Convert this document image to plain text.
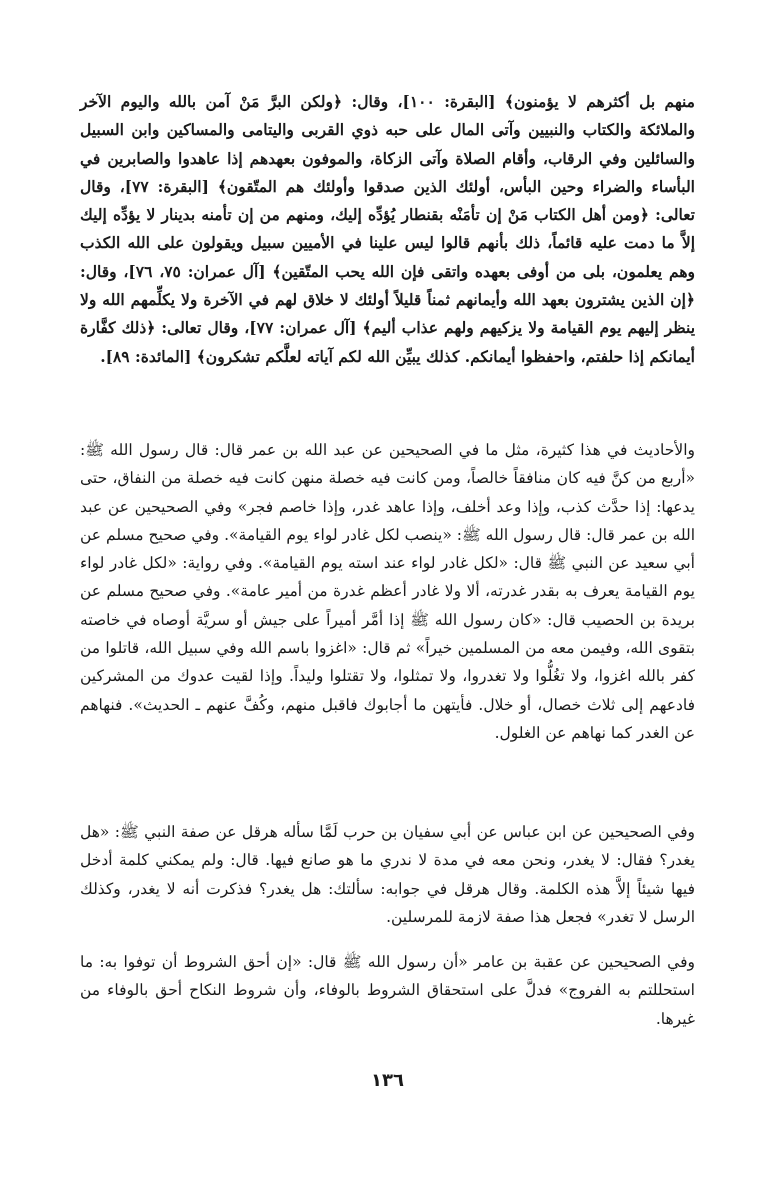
منهم بل أكثرهم لا يؤمنون﴾ [البقرة: ١٠٠]، وقال: ﴿ولكن البرَّ مَنْ آمن بالله واليوم الآخر والملائكة والكتاب والنبيين وآتى المال على حبه ذوي القربى واليتامى والمساكين وابن السبيل والسائلين وفي الرقاب، وأقام الصلاة وآتى الزكاة، والموفون بعهدهم إذا عاهدوا والصابرين في البأساء والضراء وحين البأس، أولئك الذين صدقوا وأولئك هم المتّقون﴾ [البقرة: ٧٧]، وقال تعالى: ﴿ومن أهل الكتاب مَنْ إن تأمَنْه بقنطار يُؤدِّه إليك، ومنهم من إن تأمنه بدينار لا يؤدِّه إليك إلاَّ ما دمت عليه قائماً، ذلك بأنهم قالوا ليس علينا في الأميين سبيل ويقولون على الله الكذب وهم يعلمون، بلى من أوفى بعهده واتقى فإن الله يحب المتّقين﴾ [آل عمران: ٧٥، ٧٦]، وقال: ﴿إن الذين يشترون بعهد الله وأيمانهم ثمناً قليلاً أولئك لا خلاق لهم في الآخرة ولا يكلِّمهم الله ولا ينظر إليهم يوم القيامة ولا يزكيهم ولهم عذاب أليم﴾ [آل عمران: ٧٧]، وقال تعالى: ﴿ذلك كفَّارة أيمانكم إذا حلفتم، واحفظوا أيمانكم. كذلك يبيِّن الله لكم آياته لعلَّكم تشكرون﴾ [المائدة: ٨٩].

والأحاديث في هذا كثيرة، مثل ما في الصحيحين عن عبد الله بن عمر قال: قال رسول الله ﷺ: «أربع من كنَّ فيه كان منافقاً خالصاً، ومن كانت فيه خصلة منهن كانت فيه خصلة من النفاق، حتى يدعها: إذا حدَّث كذب، وإذا وعد أخلف، وإذا عاهد غدر، وإذا خاصم فجر» وفي الصحيحين عن عبد الله بن عمر قال: قال رسول الله ﷺ: «ينصب لكل غادر لواء يوم القيامة». وفي صحيح مسلم عن أبي سعيد عن النبي ﷺ قال: «لكل غادر لواء عند استه يوم القيامة». وفي رواية: «لكل غادر لواء يوم القيامة يعرف به بقدر غدرته، ألا ولا غادر أعظم غدرة من أمير عامة». وفي صحيح مسلم عن بريدة بن الحصيب قال: «كان رسول الله ﷺ إذا أمَّر أميراً على جيش أو سريَّة أوصاه في خاصته بتقوى الله، وفيمن معه من المسلمين خيراً» ثم قال: «اغزوا باسم الله وفي سبيل الله، قاتلوا من كفر بالله اغزوا، ولا تغُلُّوا ولا تغدروا، ولا تمثلوا، ولا تقتلوا وليداً. وإذا لقيت عدوك من المشركين فادعهم إلى ثلاث خصال، أو خلال. فأيتهن ما أجابوك فاقبل منهم، وكُفَّ عنهم ـ الحديث». فنهاهم عن الغدر كما نهاهم عن الغلول.

وفي الصحيحين عن ابن عباس عن أبي سفيان بن حرب لَمَّا سأله هرقل عن صفة النبي ﷺ: «هل يغدر؟ فقال: لا يغدر، ونحن معه في مدة لا ندري ما هو صانع فيها. قال: ولم يمكني كلمة أدخل فيها شيئاً إلاَّ هذه الكلمة. وقال هرقل في جوابه: سألتك: هل يغدر؟ فذكرت أنه لا يغدر، وكذلك الرسل لا تغدر» فجعل هذا صفة لازمة للمرسلين.

وفي الصحيحين عن عقبة بن عامر «أن رسول الله ﷺ قال: «إن أحق الشروط أن توفوا به: ما استحللتم به الفروج» فدلَّ على استحقاق الشروط بالوفاء، وأن شروط النكاح أحق بالوفاء من غيرها.

١٣٦
